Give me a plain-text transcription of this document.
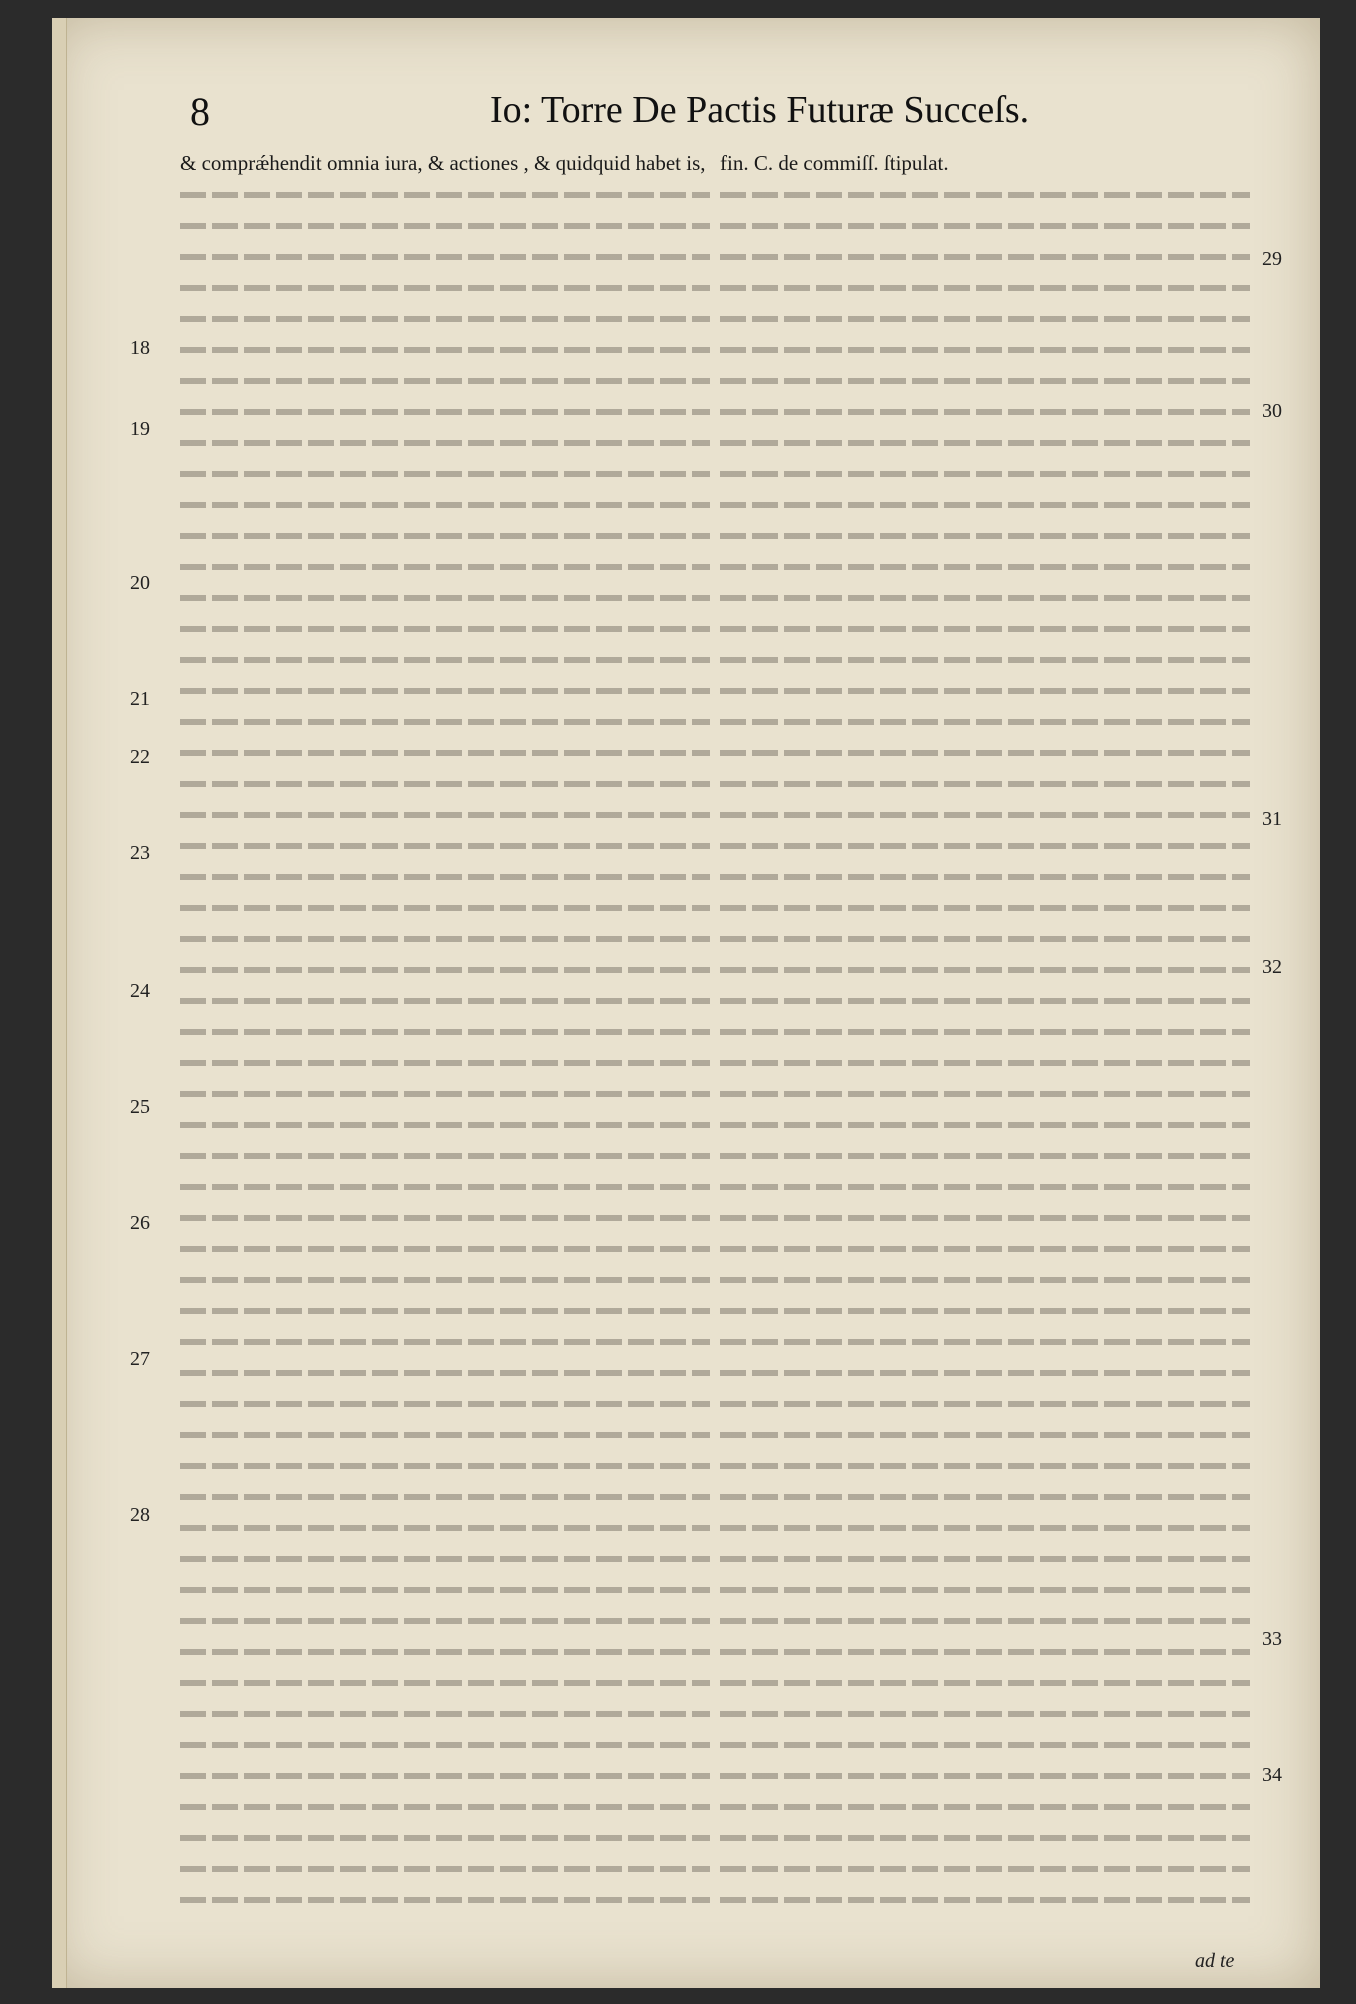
8	Io: Torre De Pactis Futuræ Succeſs.
& comprǽhendit omnia iura, & actiones , & quidquid habet is, fin. C. de commiſſ. ſtipulat.
18
19
20
21
22
23
24
25
26
27
28
29
30
31
32
33
34
ad te
